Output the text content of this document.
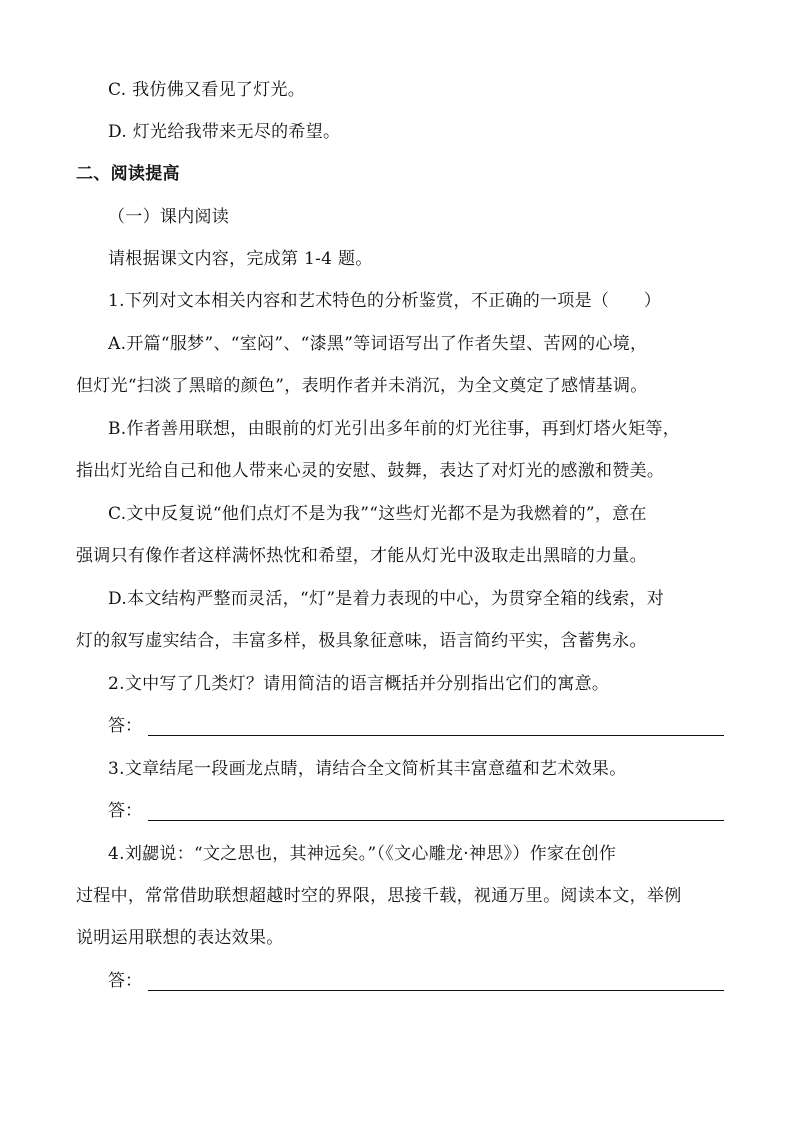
C. 我仿佛又看见了灯光。
D. 灯光给我带来无尽的希望。
二、阅读提高
（一）课内阅读
请根据课文内容，完成第 1-4 题。
1.下列对文本相关内容和艺术特色的分析鉴赏，不正确的一项是（　　）
A.开篇“服梦”、“室闷”、“漆黑”等词语写出了作者失望、苦网的心境，
但灯光“扫淡了黑暗的颜色”，表明作者并未消沉，为全文奠定了感情基调。
B.作者善用联想，由眼前的灯光引出多年前的灯光往事，再到灯塔火矩等，
指出灯光给自己和他人带来心灵的安慰、鼓舞，表达了对灯光的感激和赞美。
C.文中反复说“他们点灯不是为我”“这些灯光都不是为我燃着的”，意在
强调只有像作者这样满怀热忱和希望，才能从灯光中汲取走出黑暗的力量。
D.本文结构严整而灵活，“灯”是着力表现的中心，为贯穿全箱的线索，对
灯的叙写虚实结合，丰富多样，极具象征意味，语言简约平实，含蓄隽永。
2.文中写了几类灯？请用简洁的语言概括并分别指出它们的寓意。
答：
3.文章结尾一段画龙点睛，请结合全文简析其丰富意蕴和艺术效果。
答：
4.刘勰说：“文之思也，其神远矣。”（《文心雕龙·神思》）作家在创作
过程中，常常借助联想超越时空的界限，思接千载，视通万里。阅读本文，举例
说明运用联想的表达效果。
答：
